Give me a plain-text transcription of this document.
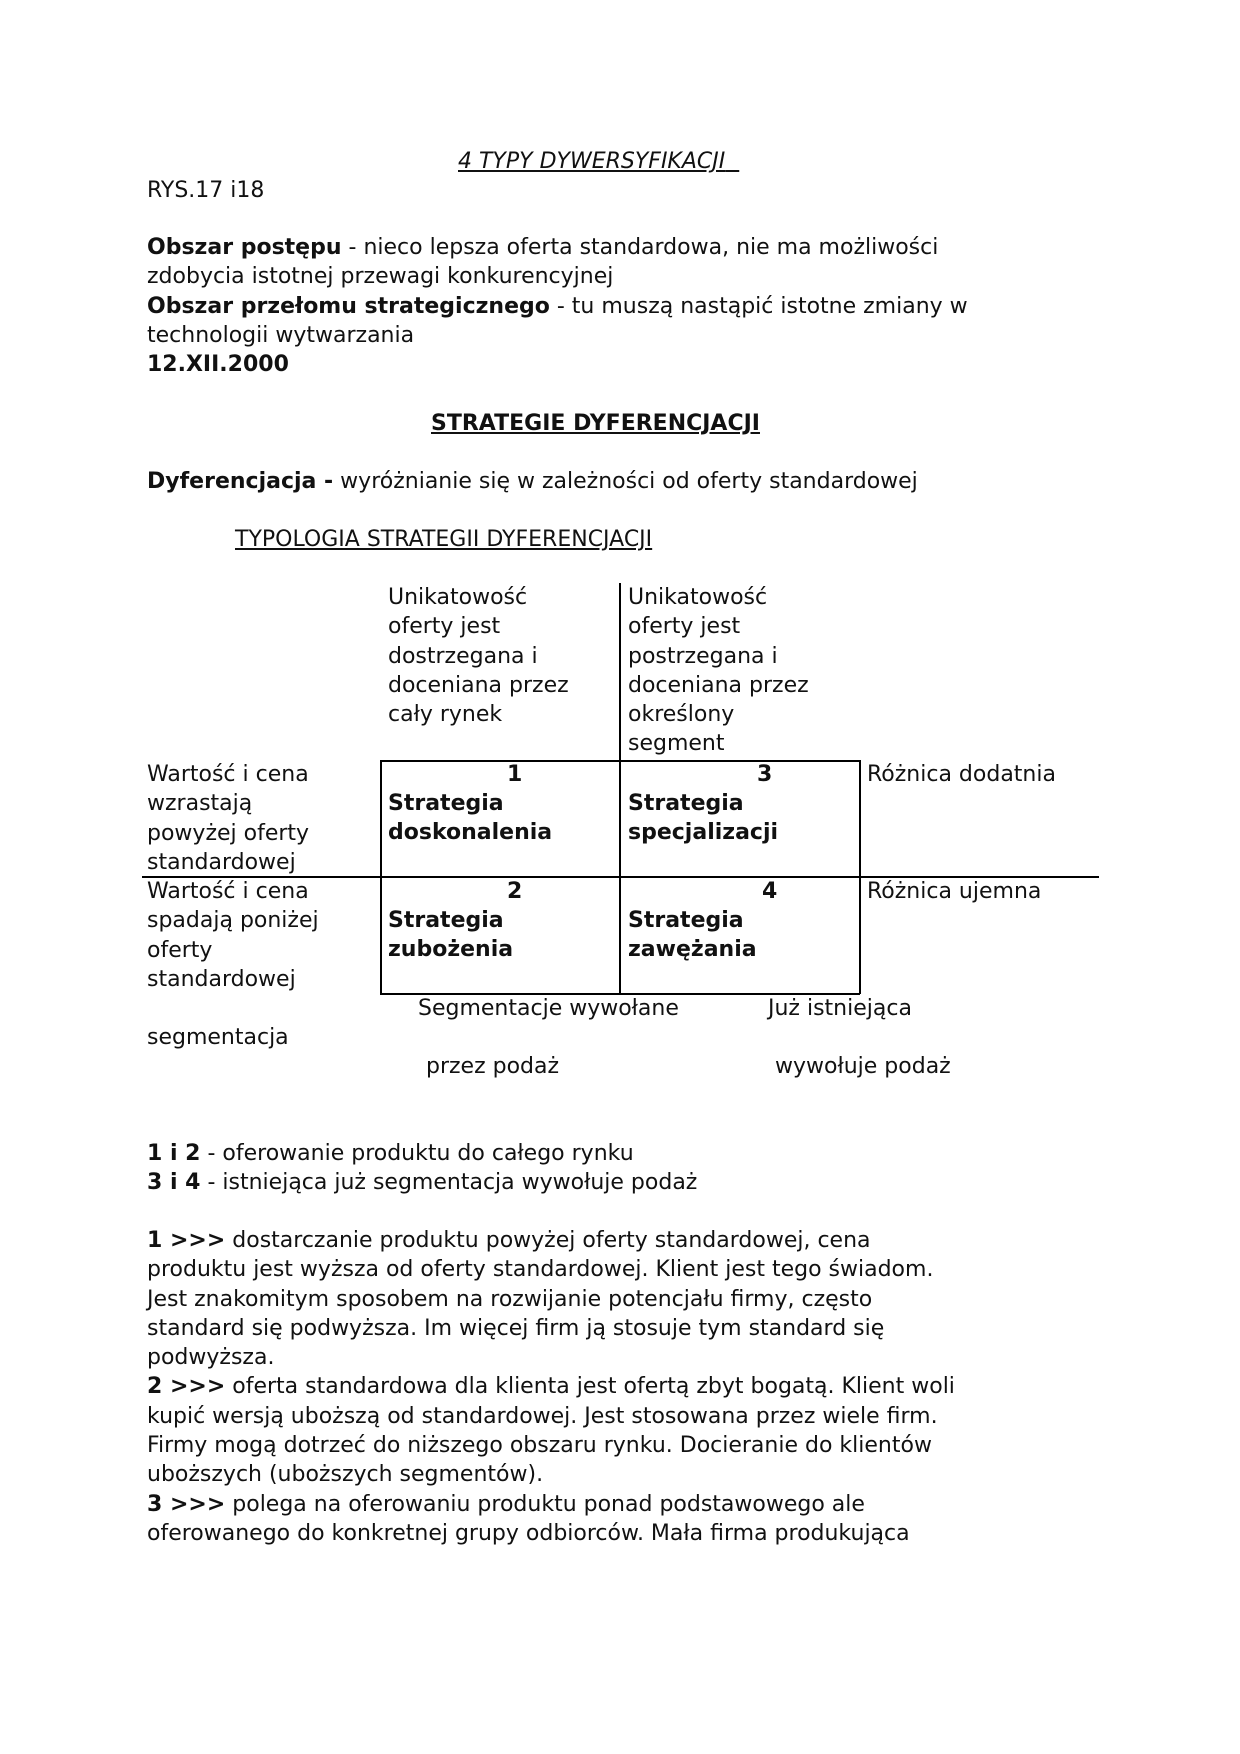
4 TYPY DYWERSYFIKACJI
RYS.17 i18
Obszar postępu - nieco lepsza oferta standardowa, nie ma możliwości
zdobycia istotnej przewagi konkurencyjnej
Obszar przełomu strategicznego - tu muszą nastąpić istotne zmiany w
technologii wytwarzania
12.XII.2000
STRATEGIE DYFERENCJACJI
Dyferencjacja - wyróżnianie się w zależności od oferty standardowej
TYPOLOGIA STRATEGII DYFERENCJACJI
Unikatowość
oferty jest
dostrzegana i
doceniana przez
cały rynek
Unikatowość
oferty jest
postrzegana i
doceniana przez
określony
segment
Wartość i cena
wzrastają
powyżej oferty
standardowej
Wartość i cena
spadają poniżej
oferty
standardowej
Różnica dodatnia
Różnica ujemna
1
Strategia
doskonalenia
3
Strategia
specjalizacji
2
Strategia
zubożenia
4
Strategia
zawężania
Segmentacje wywołane	Już istniejąca
segmentacja
przez podaż	wywołuje podaż
1 i 2 - oferowanie produktu do całego rynku
3 i 4 - istniejąca już segmentacja wywołuje podaż
1 >>> dostarczanie produktu powyżej oferty standardowej, cena
produktu jest wyższa od oferty standardowej. Klient jest tego świadom.
Jest znakomitym sposobem na rozwijanie potencjału firmy, często
standard się podwyższa. Im więcej firm ją stosuje tym standard się
podwyższa.
2 >>> oferta standardowa dla klienta jest ofertą zbyt bogatą. Klient woli
kupić wersją uboższą od standardowej. Jest stosowana przez wiele firm.
Firmy mogą dotrzeć do niższego obszaru rynku. Docieranie do klientów
uboższych (uboższych segmentów).
3 >>> polega na oferowaniu produktu ponad podstawowego ale
oferowanego do konkretnej grupy odbiorców. Mała firma produkująca
